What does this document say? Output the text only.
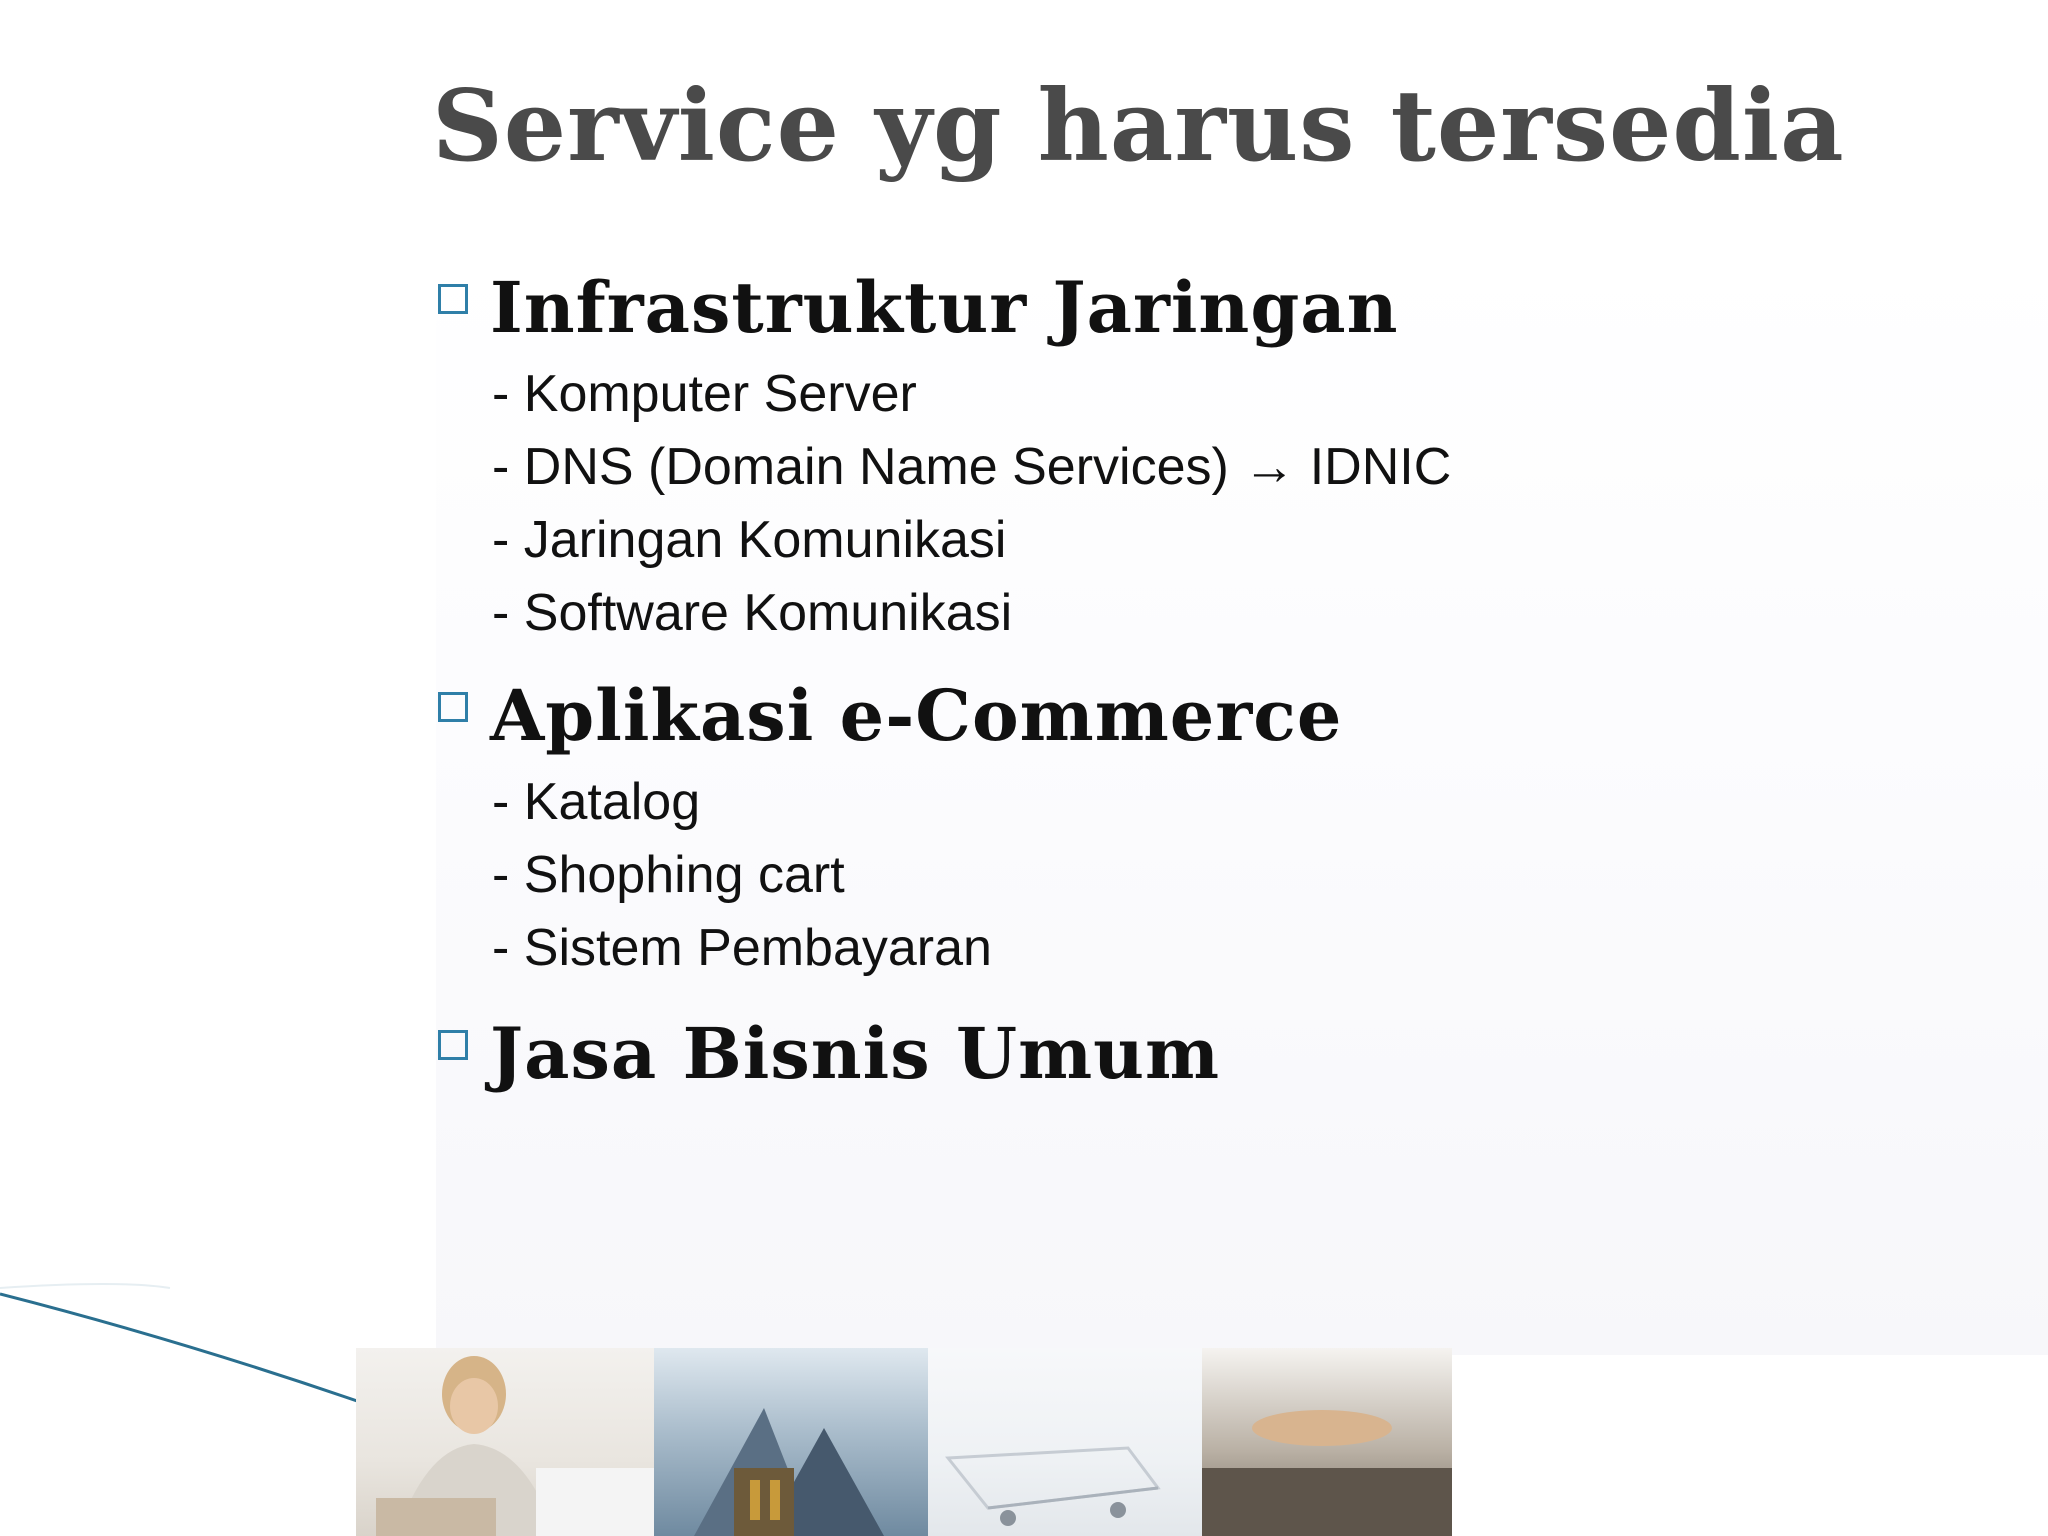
Service yg harus tersedia
Infrastruktur Jaringan
- Komputer Server
- DNS (Domain Name Services) → IDNIC
- Jaringan Komunikasi
- Software Komunikasi
Aplikasi e-Commerce
- Katalog
- Shophing cart
- Sistem Pembayaran
Jasa Bisnis Umum
